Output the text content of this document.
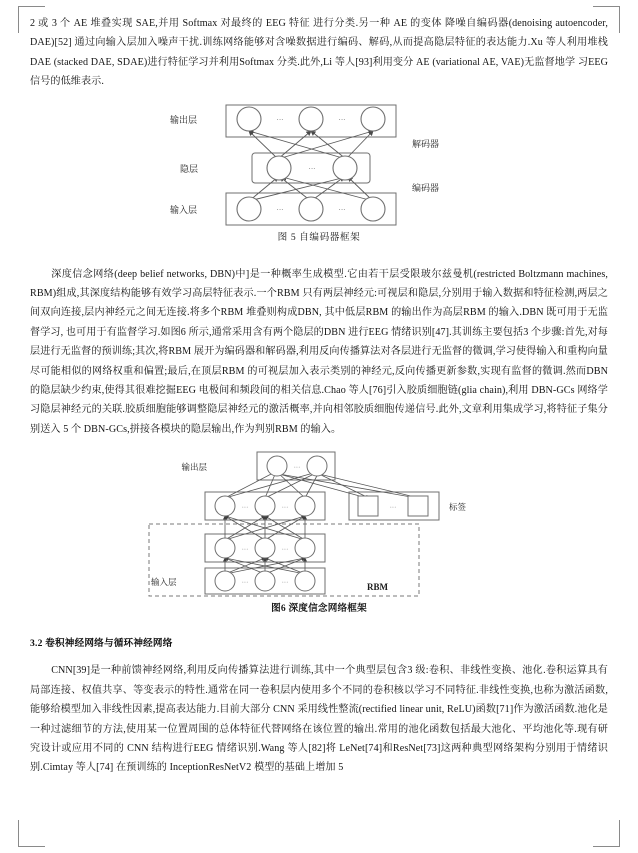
2 或 3 个 AE 堆叠实现 SAE,并用 Softmax 对最终的 EEG 特征 进行分类.另一种 AE 的变体 降噪自编码器(denoising autoencoder, DAE)[52] 通过向输入层加入噪声干扰.训练网络能够对含噪数据进行编码、解码,从而提高隐层特征的表达能力.Xu 等人利用堆栈 DAE (stacked DAE, SDAE)进行特征学习并利用Softmax 分类.此外,Li 等人[93]利用变分 AE (variational AE, VAE)无监督地学 习EEG 信号的低维表示.

···	···
···
···	···
输出层
隐层
输入层
解码器
编码器
图 5 自编码器框架

深度信念网络(deep belief networks, DBN)中]是一种概率生成模型.它由若干层受限玻尔兹曼机(restricted Boltzmann machines, RBM)组成,其深度结构能够有效学习高层特征表示.一个RBM 只有两层神经元:可视层和隐层,分别用于输入数据和特征检测,两层之间双向连接,层内神经元之间无连接.将多个RBM 堆叠则构成DBN, 其中低层RBM 的输出作为高层RBM 的输入.DBN 既可用于无监督学习, 也可用于有监督学习.如图6 所示,通常采用含有两个隐层的DBN 进行EEG 情绪识别[47].其训练主要包括3 个步骤:首先,对每层进行无监督的预训练;其次,将RBM 展开为编码器和解码器,利用反向传播算法对各层进行无监督的微调,学习使得输入和重构向量尽可能相似的网络权重和偏置;最后,在顶层RBM 的可视层加入表示类别的神经元,反向传播更新参数,实现有监督的微调.然而DBN 的隐层缺少约束,使得其很难挖掘EEG 电极间和频段间的相关信息.Chao 等人[76]引入胶质细胞链(glia chain),利用 DBN-GCs 网络学习隐层神经元的关联.胶质细胞能够调整隐层神经元的激活概率,并向相邻胶质细胞传递信号.此外,文章利用集成学习,将特征子集分别送入 5 个 DBN-GCs,拼接各模块的隐层输出,作为判别RBM 的输入。

···
···	···
···	···
···	···
···
输出层
输入层
标签
RBM
图6 深度信念网络框架
3.2 卷积神经网络与循环神经网络

CNN[39]是一种前馈神经网络,利用反向传播算法进行训练,其中一个典型层包含3 级:卷积、非线性变换、池化.卷积运算具有局部连接、权值共享、等变表示的特性.通常在同一卷积层内使用多个不同的卷积核以学习不同特征.非线性变换,也称为激活函数,能够给模型加入非线性因素,提高表达能力.目前大部分 CNN 采用线性整流(rectified linear unit, ReLU)函数[71]作为激活函数.池化是一种过滤细节的方法,使用某一位置周围的总体特征代替网络在该位置的输出.常用的池化函数包括最大池化、平均池化等.现有研究设计或应用不同的 CNN 结构进行EEG 情绪识别.Wang 等人[82]将 LeNet[74]和ResNet[73]这两种典型网络架构分别用于情绪识别.Cimtay 等人[74] 在预训练的 InceptionResNetV2 模型的基础上增加 5
